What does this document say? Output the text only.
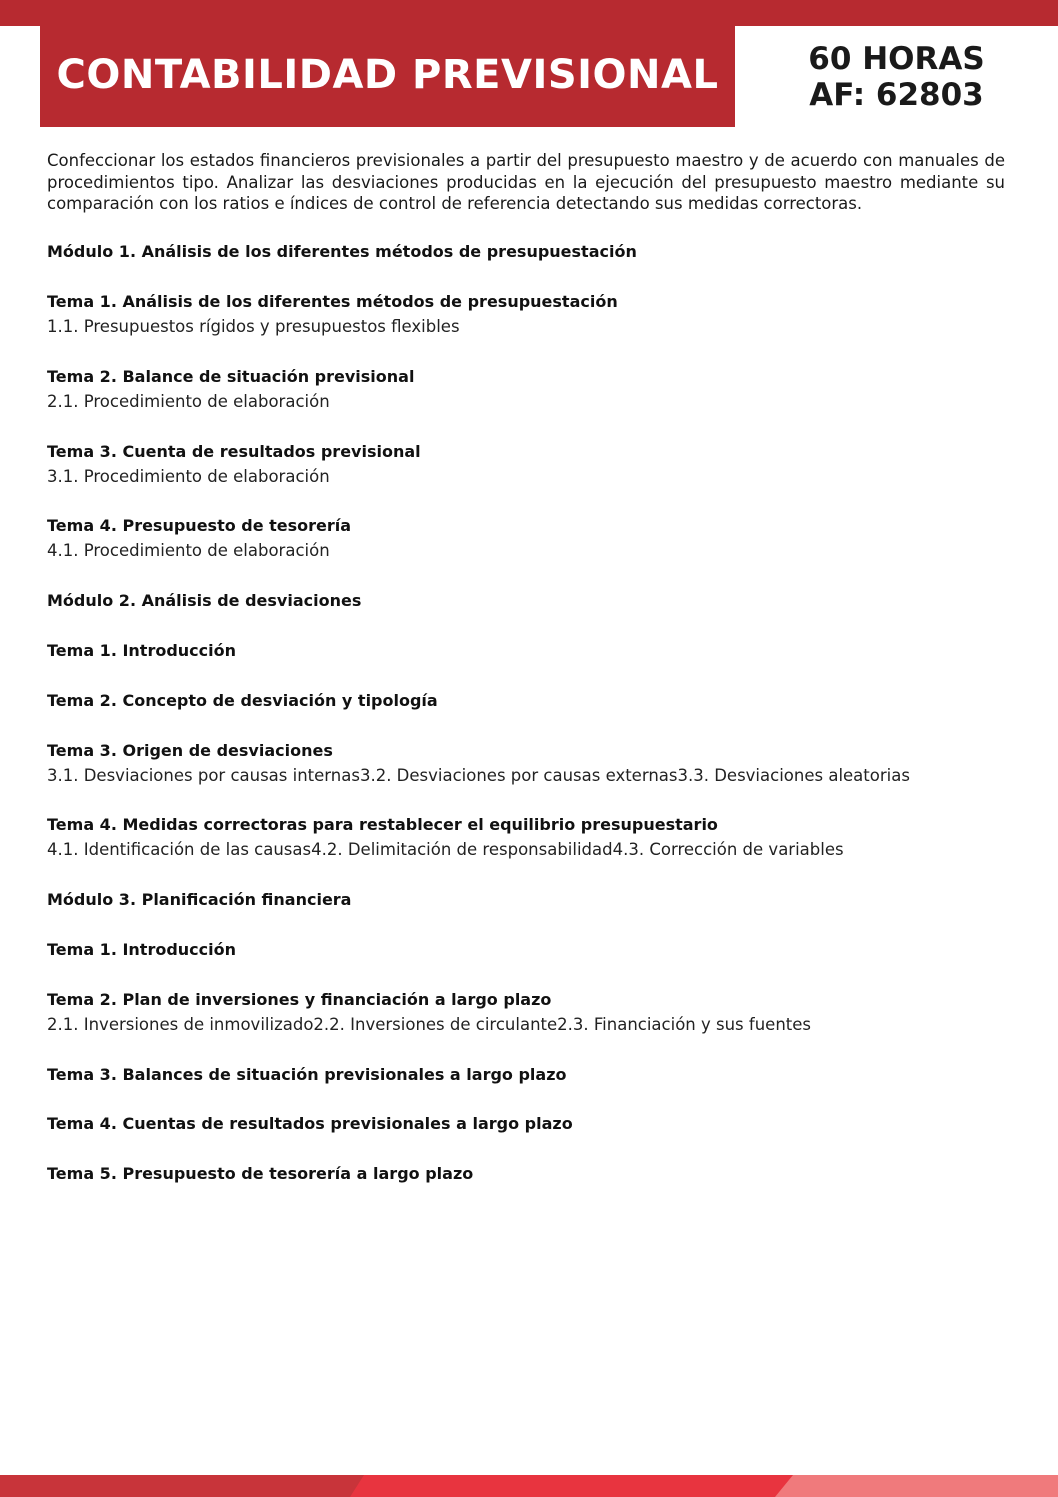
CONTABILIDAD PREVISIONAL	60 HORAS
AF: 62803

Confeccionar los estados financieros previsionales a partir del presupuesto maestro y de acuerdo con manuales de procedimientos tipo. Analizar las desviaciones producidas en la ejecución del presupuesto maestro mediante su comparación con los ratios e índices de control de referencia detectando sus medidas correctoras.

Módulo 1. Análisis de los diferentes métodos de presupuestación
Tema 1. Análisis de los diferentes métodos de presupuestación
1.1. Presupuestos rígidos y presupuestos flexibles
Tema 2. Balance de situación previsional
2.1. Procedimiento de elaboración
Tema 3. Cuenta de resultados previsional
3.1. Procedimiento de elaboración
Tema 4. Presupuesto de tesorería
4.1. Procedimiento de elaboración
Módulo 2. Análisis de desviaciones
Tema 1. Introducción
Tema 2. Concepto de desviación y tipología
Tema 3. Origen de desviaciones
3.1. Desviaciones por causas internas3.2. Desviaciones por causas externas3.3. Desviaciones aleatorias
Tema 4. Medidas correctoras para restablecer el equilibrio presupuestario
4.1. Identificación de las causas4.2. Delimitación de responsabilidad4.3. Corrección de variables
Módulo 3. Planificación financiera
Tema 1. Introducción
Tema 2. Plan de inversiones y financiación a largo plazo
2.1. Inversiones de inmovilizado2.2. Inversiones de circulante2.3. Financiación y sus fuentes
Tema 3. Balances de situación previsionales a largo plazo
Tema 4. Cuentas de resultados previsionales a largo plazo
Tema 5. Presupuesto de tesorería a largo plazo
